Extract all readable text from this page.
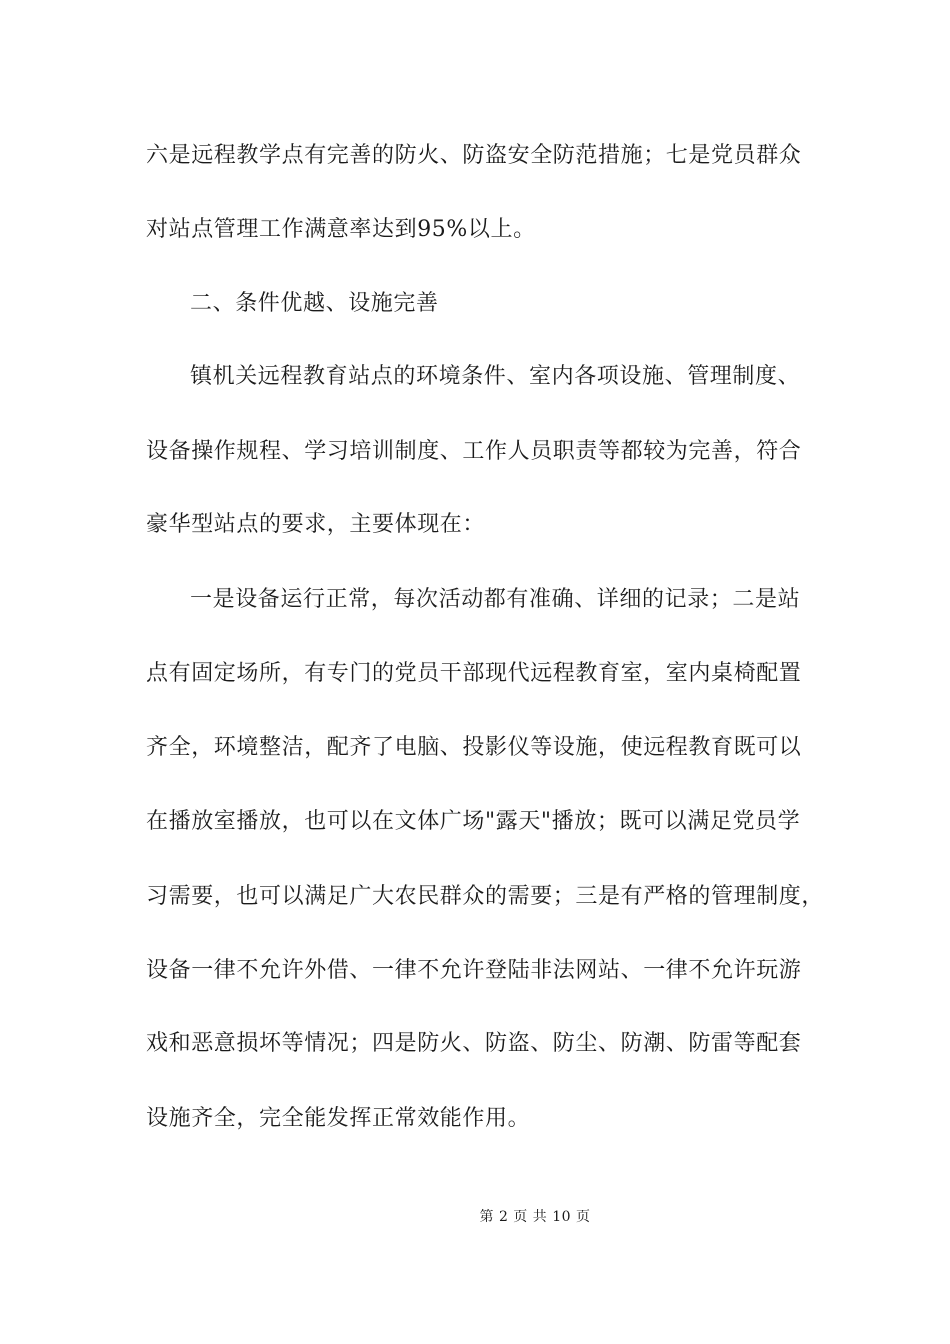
六是远程教学点有完善的防火、防盗安全防范措施；七是党员群众
对站点管理工作满意率达到95%以上。
二、条件优越、设施完善
镇机关远程教育站点的环境条件、室内各项设施、管理制度、
设备操作规程、学习培训制度、工作人员职责等都较为完善，符合
豪华型站点的要求，主要体现在：
一是设备运行正常，每次活动都有准确、详细的记录；二是站
点有固定场所，有专门的党员干部现代远程教育室，室内桌椅配置
齐全，环境整洁，配齐了电脑、投影仪等设施，使远程教育既可以
在播放室播放，也可以在文体广场"露天"播放；既可以满足党员学
习需要，也可以满足广大农民群众的需要；三是有严格的管理制度，
设备一律不允许外借、一律不允许登陆非法网站、一律不允许玩游
戏和恶意损坏等情况；四是防火、防盗、防尘、防潮、防雷等配套
设施齐全，完全能发挥正常效能作用。
第 2 页 共 10 页
